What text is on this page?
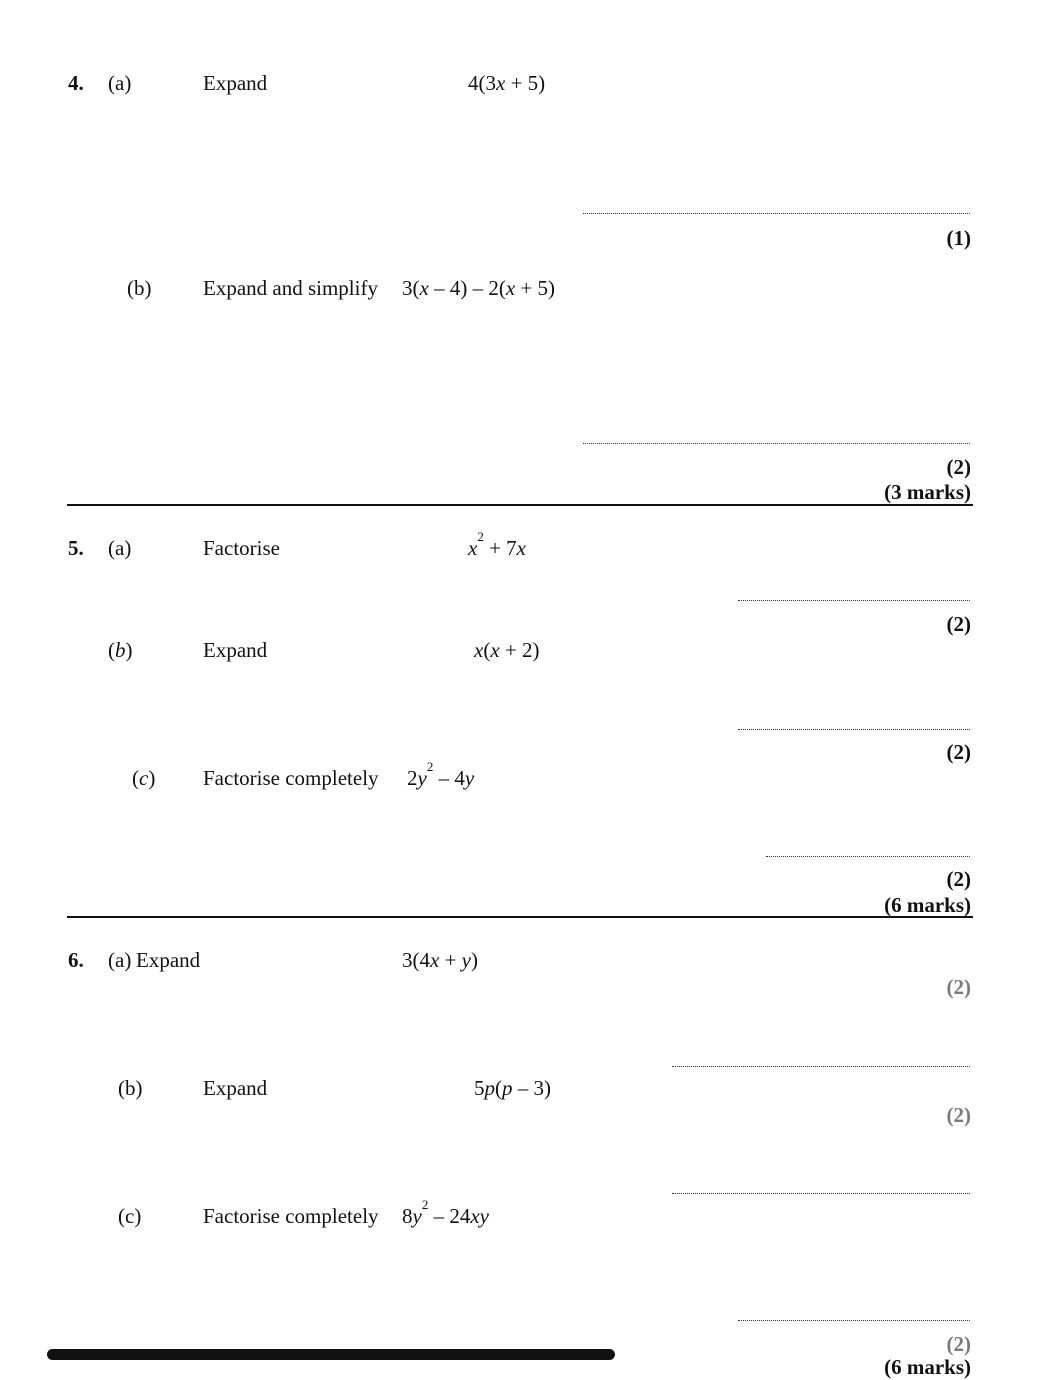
4. (a)	Expand	4(3x + 5)
(1)
(b) Expand and simplify 3(x – 4) – 2(x + 5)
(2)
(3 marks)
5. (a)	Factorise	$x^2 + 7x$
(2)
(b)	Expand	x(x + 2)
(2)
(c) Factorise completely $2y^2 - 4y$
(2)
(6 marks)
6. (a) Expand	3(4x + y)
(2)
(b)	Expand	5p(p – 3)
(2)
(c)	Factorise completely $8y^2 - 24xy$
(2)
(6 marks)
